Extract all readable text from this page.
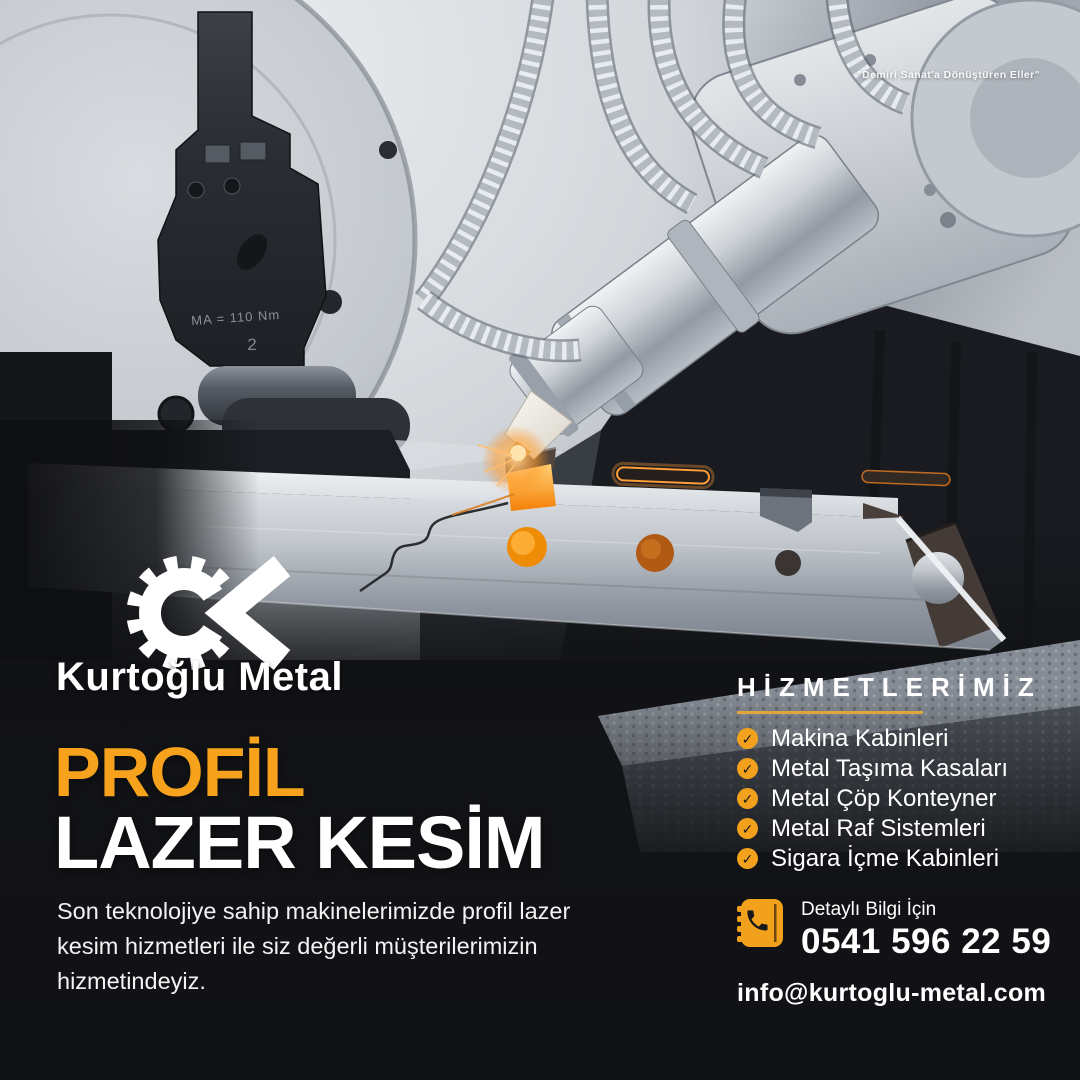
MA = 110 Nm
2
"Demiri Sanat'a Dönüştüren Eller"
Kurtoğlu Metal
PROFİL
LAZER KESİM
Son teknolojiye sahip makinelerimizde profil lazer kesim hizmetleri ile siz değerli müşterilerimizin hizmetindeyiz.
HİZMETLERİMİZ
✓ Makina Kabinleri
✓ Metal Taşıma Kasaları
✓ Metal Çöp Konteyner
✓ Metal Raf Sistemleri
✓ Sigara İçme Kabinleri
Detaylı Bilgi İçin
0541 596 22 59
info@kurtoglu-metal.com
